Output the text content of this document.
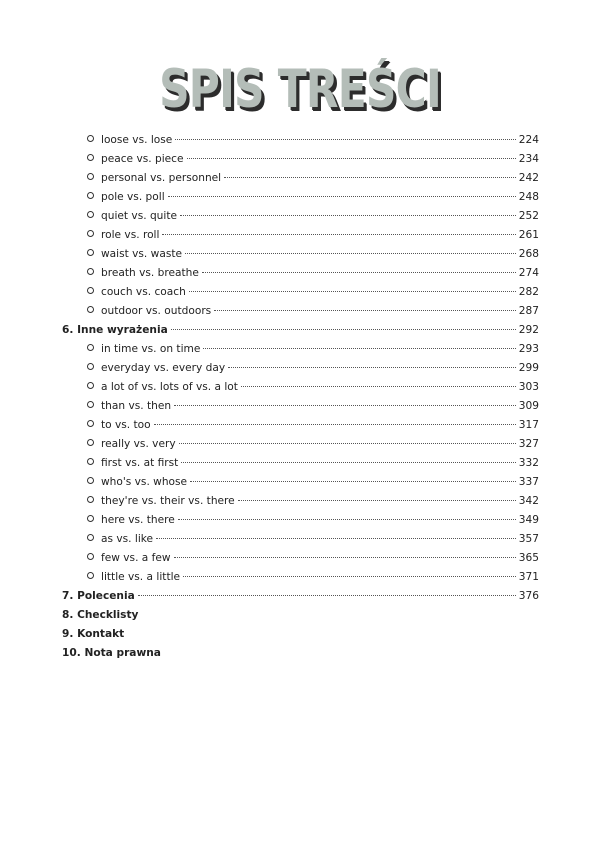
SPIS TREŚCI
loose vs. lose	224
peace vs. piece	234
personal vs. personnel	242
pole vs. poll	248
quiet vs. quite	252
role vs. roll	261
waist vs. waste	268
breath vs. breathe	274
couch vs. coach	282
outdoor vs. outdoors	287
6. Inne wyrażenia	292
in time vs. on time	293
everyday vs. every day	299
a lot of vs. lots of vs. a lot	303
than vs. then	309
to vs. too	317
really vs. very	327
first vs. at first	332
who's vs. whose	337
they're vs. their vs. there	342
here vs. there	349
as vs. like	357
few vs. a few	365
little vs. a little	371
7. Polecenia	376
8. Checklisty
9. Kontakt
10. Nota prawna
